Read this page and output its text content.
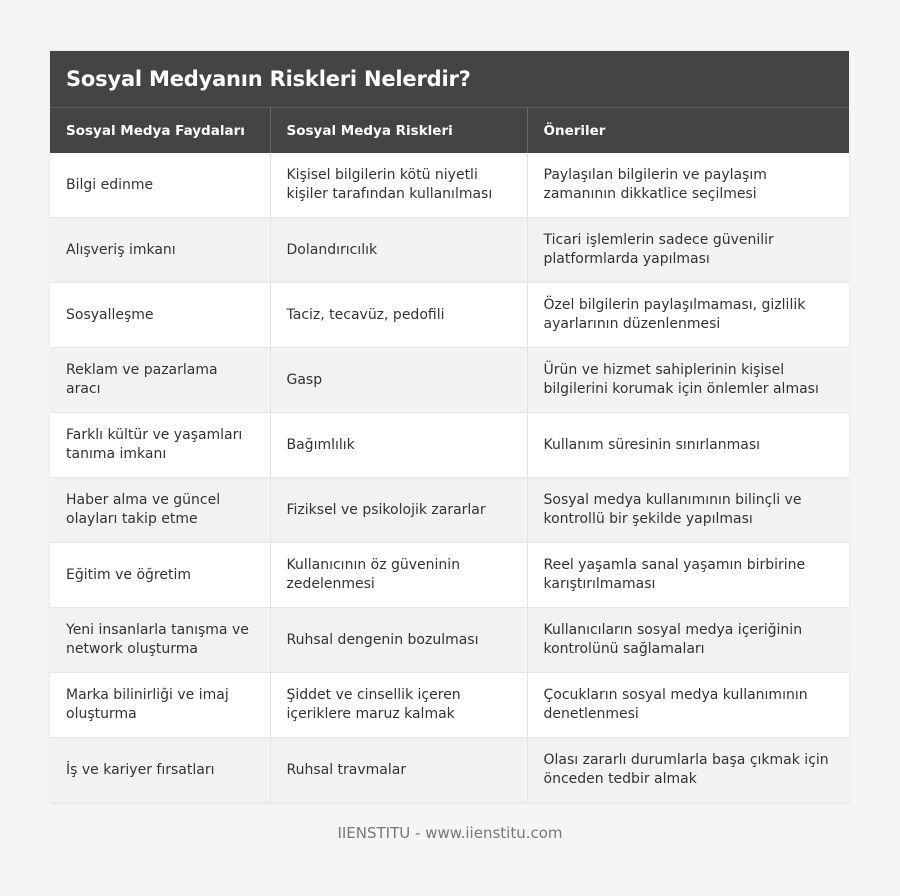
Sosyal Medyanın Riskleri Nelerdir?
Sosyal Medya Faydaları	Sosyal Medya Riskleri	Öneriler
Bilgi edinme	Kişisel bilgilerin kötü niyetli kişiler tarafından kullanılması	Paylaşılan bilgilerin ve paylaşım zamanının dikkatlice seçilmesi
Alışveriş imkanı	Dolandırıcılık	Ticari işlemlerin sadece güvenilir platformlarda yapılması
Sosyalleşme	Taciz, tecavüz, pedofili	Özel bilgilerin paylaşılmaması, gizlilik ayarlarının düzenlenmesi
Reklam ve pazarlama aracı	Gasp	Ürün ve hizmet sahiplerinin kişisel bilgilerini korumak için önlemler alması
Farklı kültür ve yaşamları tanıma imkanı	Bağımlılık	Kullanım süresinin sınırlanması
Haber alma ve güncel olayları takip etme	Fiziksel ve psikolojik zararlar	Sosyal medya kullanımının bilinçli ve kontrollü bir şekilde yapılması
Eğitim ve öğretim	Kullanıcının öz güveninin zedelenmesi	Reel yaşamla sanal yaşamın birbirine karıştırılmaması
Yeni insanlarla tanışma ve network oluşturma	Ruhsal dengenin bozulması	Kullanıcıların sosyal medya içeriğinin kontrolünü sağlamaları
Marka bilinirliği ve imaj oluşturma	Şiddet ve cinsellik içeren içeriklere maruz kalmak	Çocukların sosyal medya kullanımının denetlenmesi
İş ve kariyer fırsatları	Ruhsal travmalar	Olası zararlı durumlarla başa çıkmak için önceden tedbir almak
IIENSTITU - www.iienstitu.com
